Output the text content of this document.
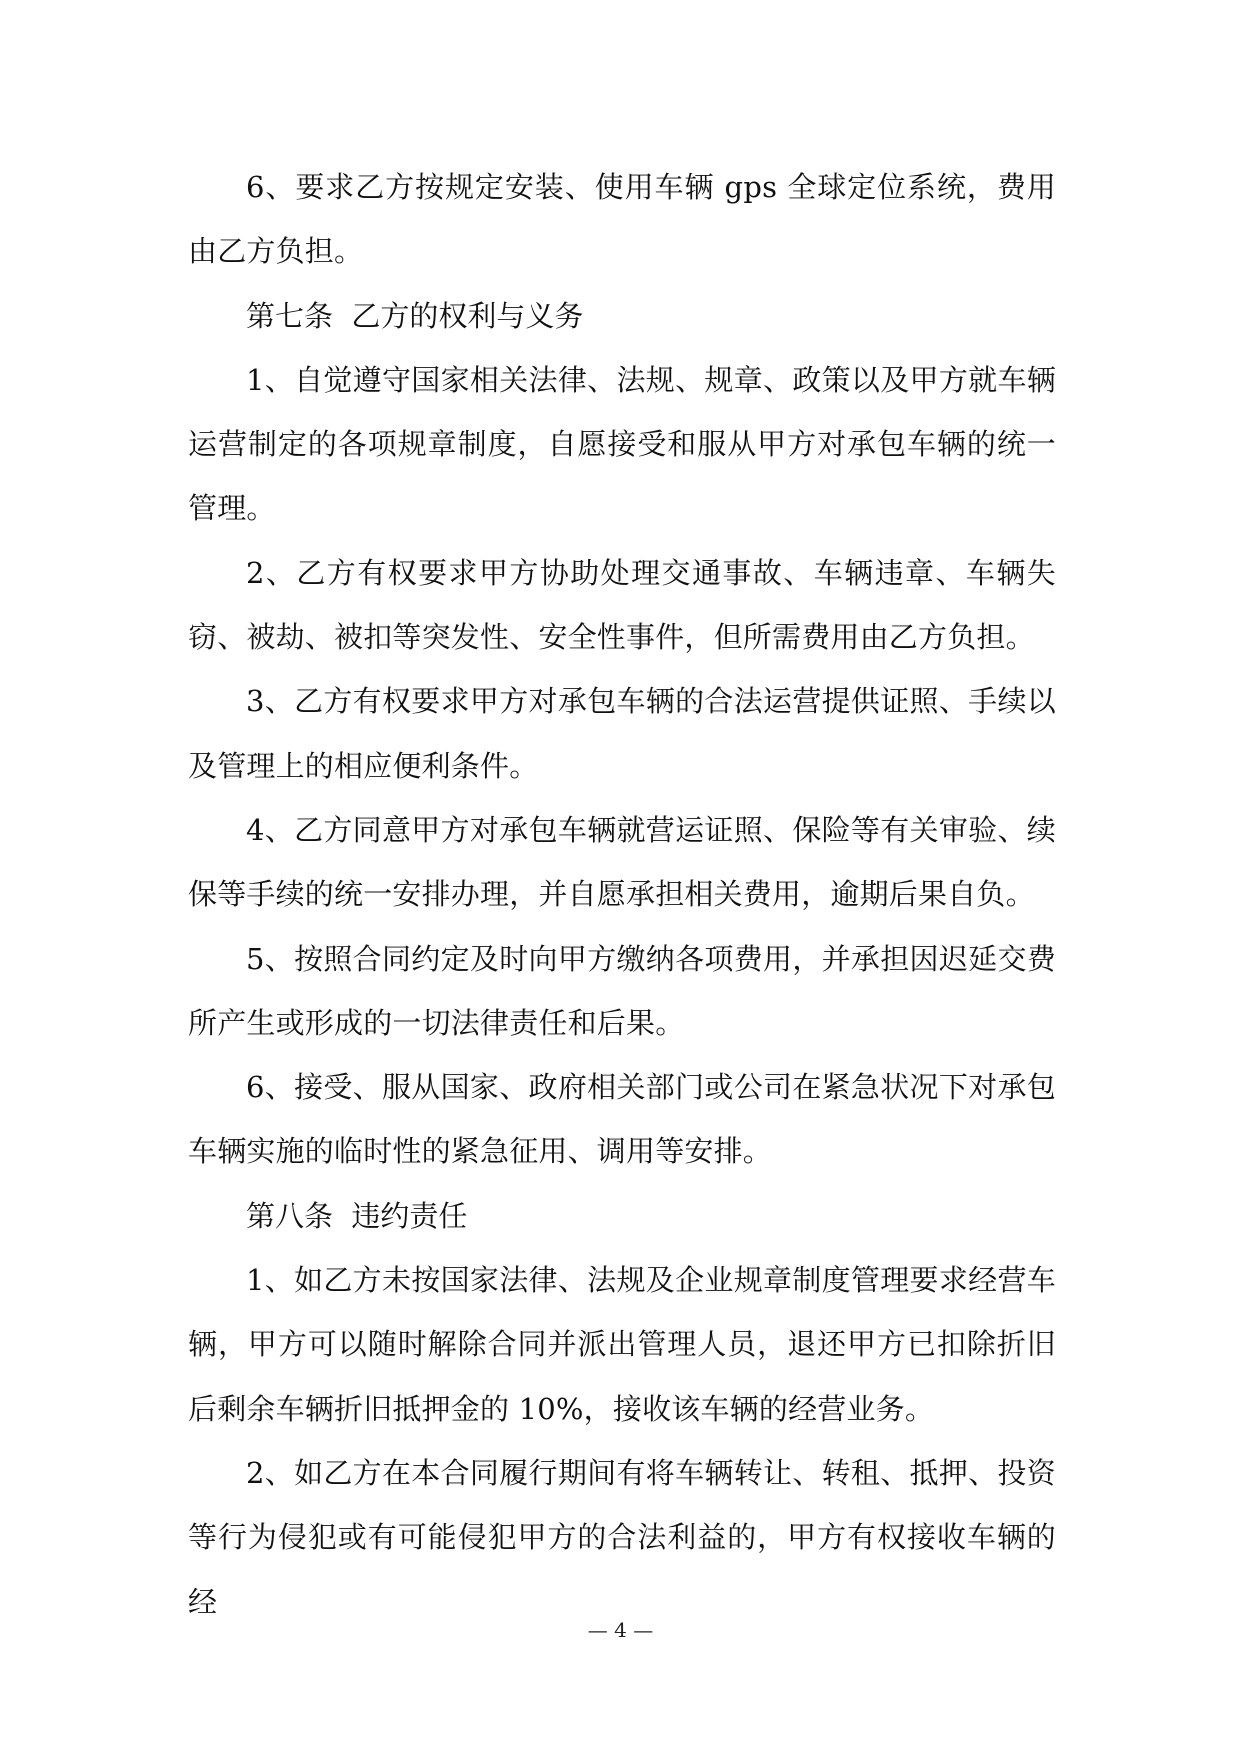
6、要求乙方按规定安装、使用车辆 gps 全球定位系统，费用由乙方负担。

第七条  乙方的权利与义务

1、自觉遵守国家相关法律、法规、规章、政策以及甲方就车辆运营制定的各项规章制度，自愿接受和服从甲方对承包车辆的统一管理。

2、乙方有权要求甲方协助处理交通事故、车辆违章、车辆失窃、被劫、被扣等突发性、安全性事件，但所需费用由乙方负担。

3、乙方有权要求甲方对承包车辆的合法运营提供证照、手续以及管理上的相应便利条件。

4、乙方同意甲方对承包车辆就营运证照、保险等有关审验、续保等手续的统一安排办理，并自愿承担相关费用，逾期后果自负。

5、按照合同约定及时向甲方缴纳各项费用，并承担因迟延交费所产生或形成的一切法律责任和后果。

6、接受、服从国家、政府相关部门或公司在紧急状况下对承包车辆实施的临时性的紧急征用、调用等安排。

第八条  违约责任

1、如乙方未按国家法律、法规及企业规章制度管理要求经营车辆，甲方可以随时解除合同并派出管理人员，退还甲方已扣除折旧后剩余车辆折旧抵押金的 10%，接收该车辆的经营业务。

2、如乙方在本合同履行期间有将车辆转让、转租、抵押、投资等行为侵犯或有可能侵犯甲方的合法利益的，甲方有权接收车辆的经

— 4 —
